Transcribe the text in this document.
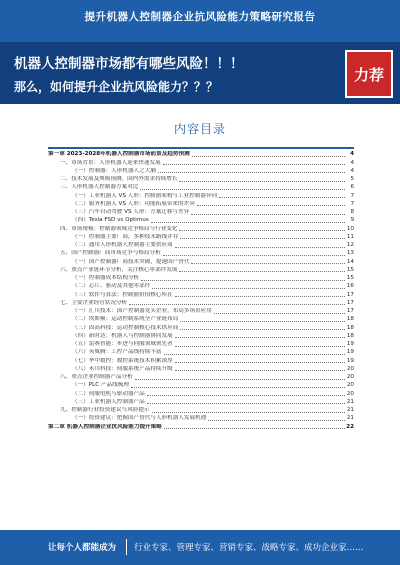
提升机器人控制器企业抗风险能力策略研究报告
机器人控制器市场都有哪些风险！！！
那么，如何提升企业抗风险能力？？？
力荐
内容目录
第一章 2023-2028年机器人控制器市场前景及趋势预测	4
一、市场背景：人形机器人迎来快速发展	4
（一）控制器：人形机器人之大脑	4
二、技术发展及规模预测，国内外需求持续增长	5
三、人形机器人控制器方案对比	6
（一）工业机器人 VS 人形：控制器架构与工业控制器异同	7
（二）服务机器人 VS 人形：功能拓展带来的差异	7
（三）汽车自动驾驶 VS 人形：方案迁移与差异	8
（四）Tesla FSD vs Optimus	9
四、市场规模：控制器领域竞争格局与行业变化	10
（一）控制器主要厂商，多种技术路线并存	11
（二）通用人形机器人控制器主要供应商	12
五、国产控制器厂商市场竞争与格局分析	13
（一）国产控制器厂商技术突破，提速国产替代	14
六、重点产业链环节分析，关注核心零部件发展	15
（一）控制器成本结构分析	15
（二）芯片、驱动及其他零部件	16
（三）软件与算法：控制器价值核心所在	17
七、主要企业经营状况分析	17
（一）汇川技术：国产控制器龙头企业，布局多场景应用	17
（二）埃斯顿：运动控制系统全产业链布局	18
（三）固高科技：运动控制核心技术供应商	18
（四）新时达：机器人与控制器协同发展	18
（五）雷赛智能：步进与伺服领域领先者	19
（六）英威腾：工控产品线持续丰富	19
（七）华中数控：数控系统技术积累深厚	19
（八）禾川科技：伺服系统产品持续升级	20
八、重点企业控制器产品分析	20
（一）PLC 产品线梳理	20
（二）伺服电机与驱动器产品	20
（三）工业机器人控制器产品	21
九、控制器行业投资建议与风险提示	21
（一）投资建议：把握国产替代与人形机器人发展机遇	21
第二章 机器人控制器企业抗风险能力提升策略	22
让每个人都能成为 行业专家、管理专家、营销专家、战略专家、成功企业家……
